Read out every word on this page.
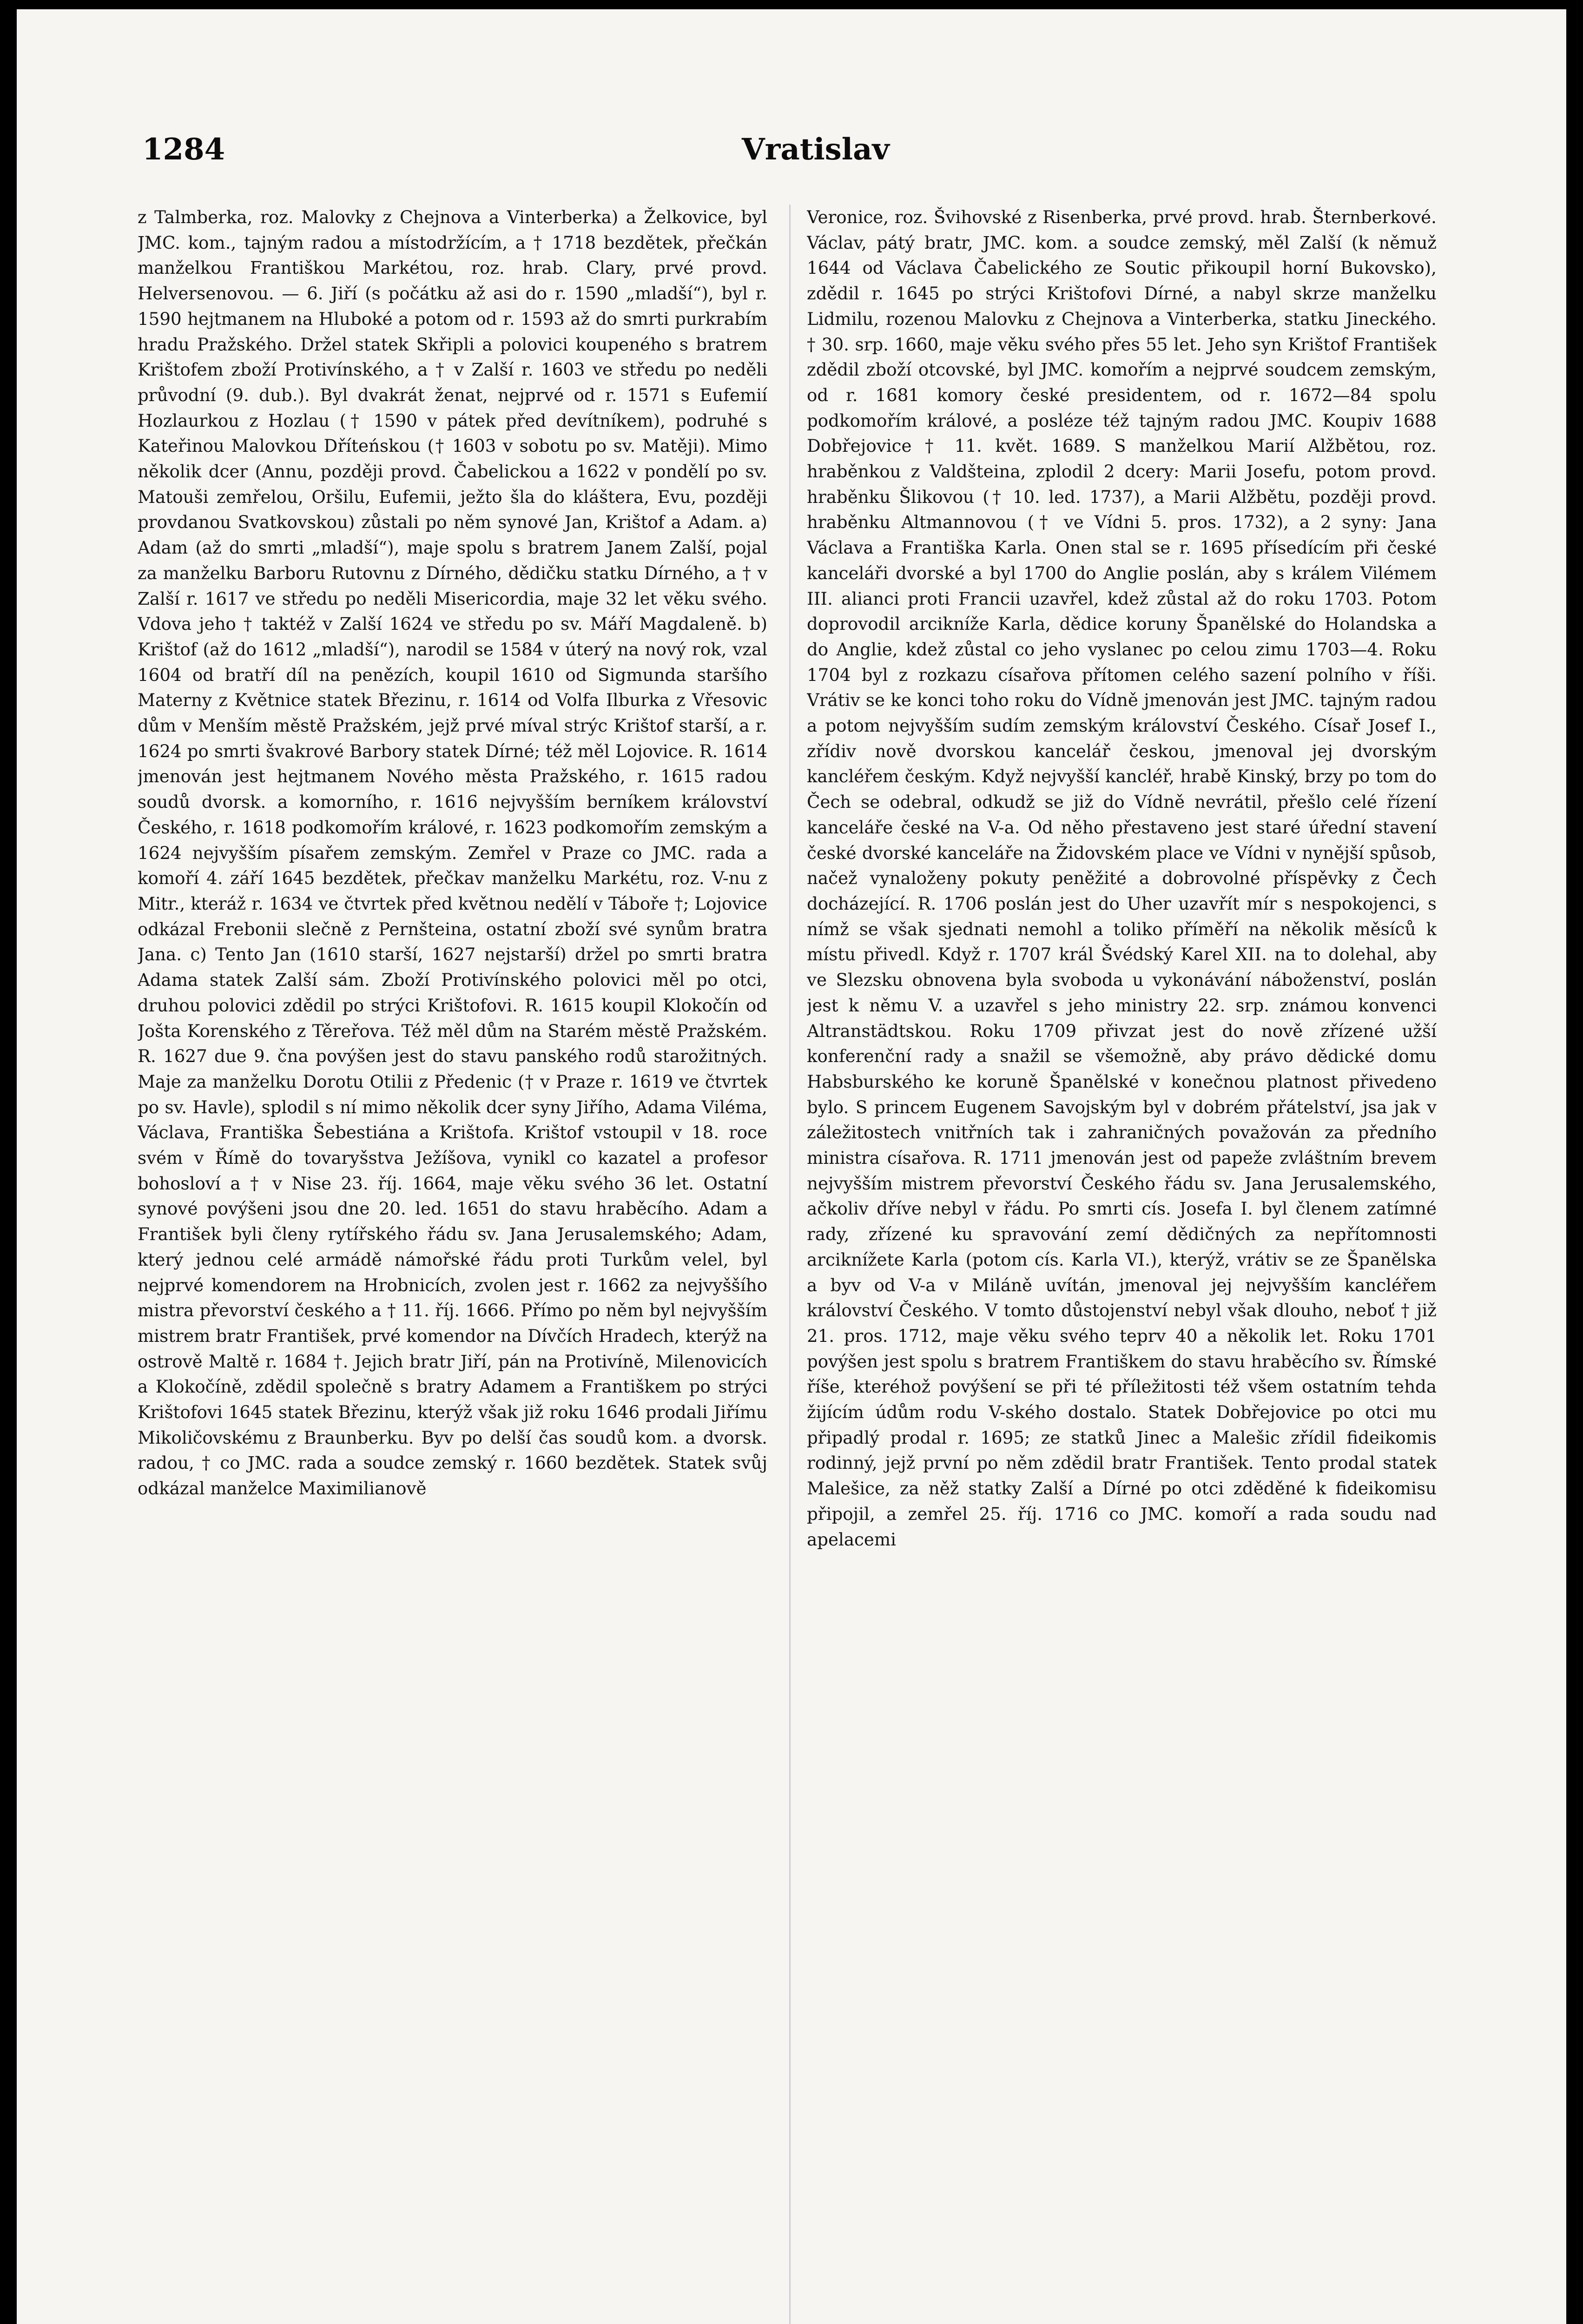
1284	Vratislav
z Talmberka, roz. Malovky z Chejnova a Vinterberka) a Želkovice, byl JMC. kom., tajným radou a místodržícím, a † 1718 bezdětek, přečkán manželkou Františkou Markétou, roz. hrab. Clary, prvé provd. Helversenovou. — 6. Jiří (s počátku až asi do r. 1590 „mladší“), byl r. 1590 hejtmanem na Hluboké a potom od r. 1593 až do smrti purkrabím hradu Pražského. Držel statek Skřipli a polovici koupeného s bratrem Krištofem zboží Protivínského, a † v Zalší r. 1603 ve středu po neděli průvodní (9. dub.). Byl dvakrát ženat, nejprvé od r. 1571 s Eufemií Hozlaurkou z Hozlau († 1590 v pátek před devítníkem), podruhé s Kateřinou Malovkou Dříteńskou († 1603 v sobotu po sv. Matěji). Mimo několik dcer (Annu, později provd. Čabelickou a 1622 v pondělí po sv. Matouši zemřelou, Oršilu, Eufemii, ježto šla do kláštera, Evu, později provdanou Svatkovskou) zůstali po něm synové Jan, Krištof a Adam. a) Adam (až do smrti „mladší“), maje spolu s bratrem Janem Zalší, pojal za manželku Barboru Rutovnu z Dírného, dědičku statku Dírného, a † v Zalší r. 1617 ve středu po neděli Misericordia, maje 32 let věku svého. Vdova jeho † taktéž v Zalší 1624 ve středu po sv. Máří Magdaleně. b) Krištof (až do 1612 „mladší“), narodil se 1584 v úterý na nový rok, vzal 1604 od bratří díl na penězích, koupil 1610 od Sigmunda staršího Materny z Květnice statek Březinu, r. 1614 od Volfa Ilburka z Vřesovic dům v Menším městě Pražském, jejž prvé míval strýc Krištof starší, a r. 1624 po smrti švakrové Barbory statek Dírné; též měl Lojovice. R. 1614 jmenován jest hejtmanem Nového města Pražského, r. 1615 radou soudů dvorsk. a komorního, r. 1616 nejvyšším berníkem království Českého, r. 1618 podkomořím králové, r. 1623 podkomořím zemským a 1624 nejvyšším písařem zemským. Zemřel v Praze co JMC. rada a komoří 4. září 1645 bezdětek, přečkav manželku Markétu, roz. V-nu z Mitr., kteráž r. 1634 ve čtvrtek před květnou nedělí v Táboře †; Lojovice odkázal Frebonii slečně z Pernšteina, ostatní zboží své synům bratra Jana. c) Tento Jan (1610 starší, 1627 nejstarší) držel po smrti bratra Adama statek Zalší sám. Zboží Protivínského polovici měl po otci, druhou polovici zdědil po strýci Krištofovi. R. 1615 koupil Klokočín od Jošta Korenského z Těreřova. Též měl dům na Starém městě Pražském. R. 1627 due 9. čna povýšen jest do stavu panského rodů starožitných. Maje za manželku Dorotu Otilii z Předenic († v Praze r. 1619 ve čtvrtek po sv. Havle), splodil s ní mimo několik dcer syny Jiřího, Adama Viléma, Václava, Františka Šebestiána a Krištofa. Krištof vstoupil v 18. roce svém v Římě do tovaryšstva Ježíšova, vynikl co kazatel a profesor bohosloví a † v Nise 23. říj. 1664, maje věku svého 36 let. Ostatní synové povýšeni jsou dne 20. led. 1651 do stavu hraběcího. Adam a František byli členy rytířského řádu sv. Jana Jerusalemského; Adam, který jednou celé armádě námořské řádu proti Turkům velel, byl nejprvé komendorem na Hrobnicích, zvolen jest r. 1662 za nejvyššího mistra převorství českého a † 11. říj. 1666. Přímo po něm byl nejvyšším mistrem bratr František, prvé komendor na Dívčích Hradech, kterýž na ostrově Maltě r. 1684 †. Jejich bratr Jiří, pán na Protivíně, Milenovicích a Klokočíně, zdědil společně s bratry Adamem a Františkem po strýci Krištofovi 1645 statek Březinu, kterýž však již roku 1646 prodali Jiřímu Mikoličovskému z Braunberku. Byv po delší čas soudů kom. a dvorsk. radou, † co JMC. rada a soudce zemský r. 1660 bezdětek. Statek svůj odkázal manželce Maximilianově
Veronice, roz. Švihovské z Risenberka, prvé provd. hrab. Šternberkové. Václav, pátý bratr, JMC. kom. a soudce zemský, měl Zalší (k němuž 1644 od Václava Čabelického ze Soutic přikoupil horní Bukovsko), zdědil r. 1645 po strýci Krištofovi Dírné, a nabyl skrze manželku Lidmilu, rozenou Malovku z Chejnova a Vinterberka, statku Jineckého. † 30. srp. 1660, maje věku svého přes 55 let. Jeho syn Krištof František zdědil zboží otcovské, byl JMC. komořím a nejprvé soudcem zemským, od r. 1681 komory české presidentem, od r. 1672—84 spolu podkomořím králové, a posléze též tajným radou JMC. Koupiv 1688 Dobřejovice † 11. květ. 1689. S manželkou Marií Alžbětou, roz. hraběnkou z Valdšteina, zplodil 2 dcery: Marii Josefu, potom provd. hraběnku Šlikovou († 10. led. 1737), a Marii Alžbětu, později provd. hraběnku Altmannovou († ve Vídni 5. pros. 1732), a 2 syny: Jana Václava a Františka Karla. Onen stal se r. 1695 přísedícím při české kanceláři dvorské a byl 1700 do Anglie poslán, aby s králem Vilémem III. alianci proti Francii uzavřel, kdež zůstal až do roku 1703. Potom doprovodil arcikníže Karla, dědice koruny Španělské do Holandska a do Anglie, kdež zůstal co jeho vyslanec po celou zimu 1703—4. Roku 1704 byl z rozkazu císařova přítomen celého sazení polního v říši. Vrátiv se ke konci toho roku do Vídně jmenován jest JMC. tajným radou a potom nejvyšším sudím zemským království Českého. Císař Josef I., zřídiv nově dvorskou kancelář českou, jmenoval jej dvorským kancléřem českým. Když nejvyšší kancléř, hrabě Kinský, brzy po tom do Čech se odebral, odkudž se již do Vídně nevrátil, přešlo celé řízení kanceláře české na V-a. Od něho přestaveno jest staré úřední stavení české dvorské kanceláře na Židovském place ve Vídni v nynější spůsob, načež vynaloženy pokuty peněžité a dobrovolné příspěvky z Čech docházející. R. 1706 poslán jest do Uher uzavřít mír s nespokojenci, s nímž se však sjednati nemohl a toliko příměří na několik měsíců k místu přivedl. Když r. 1707 král Švédský Karel XII. na to dolehal, aby ve Slezsku obnovena byla svoboda u vykonávání náboženství, poslán jest k němu V. a uzavřel s jeho ministry 22. srp. známou konvenci Altranstädtskou. Roku 1709 přivzat jest do nově zřízené užší konferenční rady a snažil se všemožně, aby právo dědické domu Habsburského ke koruně Španělské v konečnou platnost přivedeno bylo. S princem Eugenem Savojským byl v dobrém přátelství, jsa jak v záležitostech vnitřních tak i zahraničných považován za předního ministra císařova. R. 1711 jmenován jest od papeže zvláštním brevem nejvyšším mistrem převorství Českého řádu sv. Jana Jerusalemského, ačkoliv dříve nebyl v řádu. Po smrti cís. Josefa I. byl členem zatímné rady, zřízené ku spravování zemí dědičných za nepřítomnosti arciknížete Karla (potom cís. Karla VI.), kterýž, vrátiv se ze Španělska a byv od V-a v Miláně uvítán, jmenoval jej nejvyšším kancléřem království Českého. V tomto důstojenství nebyl však dlouho, neboť † již 21. pros. 1712, maje věku svého teprv 40 a několik let. Roku 1701 povýšen jest spolu s bratrem Františkem do stavu hraběcího sv. Římské říše, kteréhož povýšení se při té příležitosti též všem ostatním tehda žijícím údům rodu V-ského dostalo. Statek Dobřejovice po otci mu připadlý prodal r. 1695; ze statků Jinec a Malešic zřídil fideikomis rodinný, jejž první po něm zdědil bratr František. Tento prodal statek Malešice, za něž statky Zalší a Dírné po otci zděděné k fideikomisu připojil, a zemřel 25. říj. 1716 co JMC. komoří a rada soudu nad apelacemi
